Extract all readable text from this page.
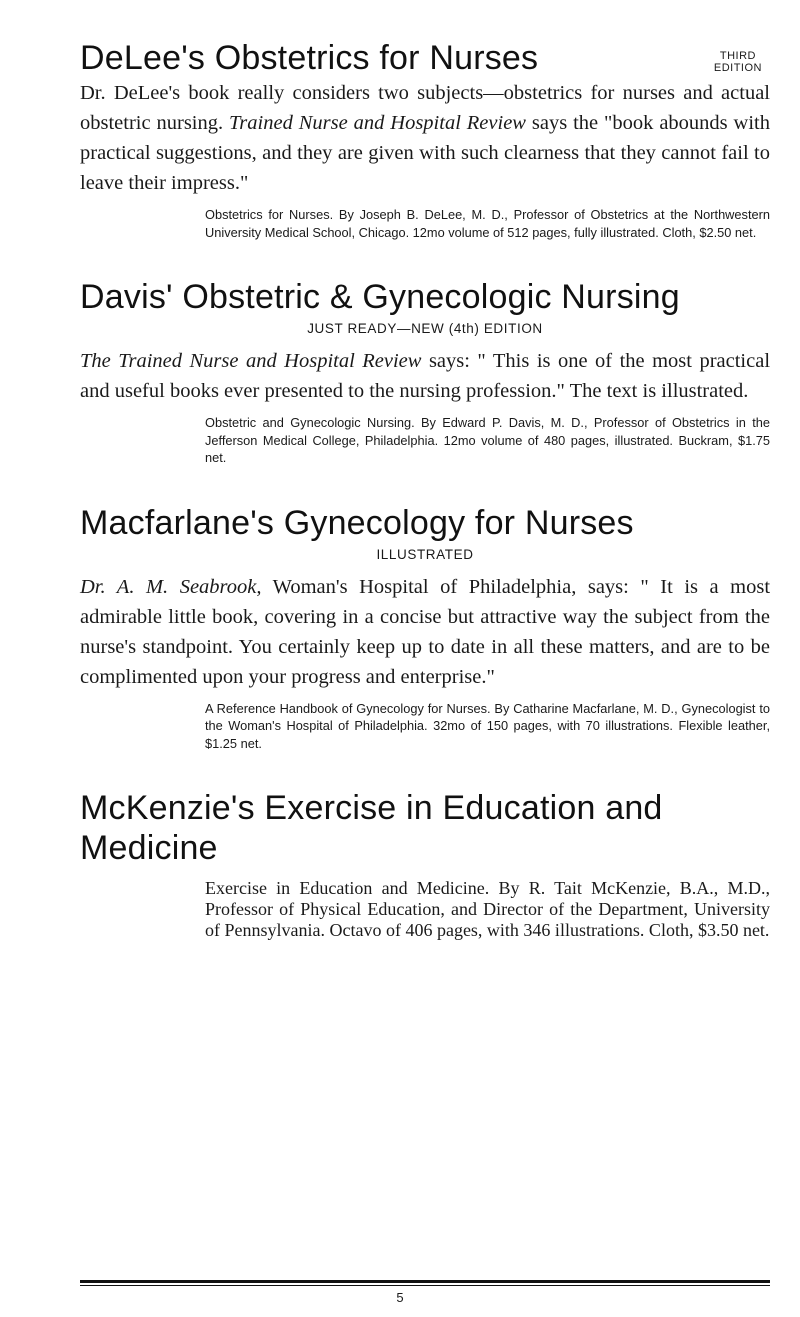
DeLee's Obstetrics for Nurses	THIRD
EDITION

Dr. DeLee's book really considers two subjects—obstetrics for nurses and actual obstetric nursing. Trained Nurse and Hospital Review says the "book abounds with practical suggestions, and they are given with such clearness that they cannot fail to leave their impress."

Obstetrics for Nurses. By Joseph B. DeLee, M. D., Professor of Obstetrics at the Northwestern University Medical School, Chicago. 12mo volume of 512 pages, fully illustrated. Cloth, $2.50 net.

Davis' Obstetric & Gynecologic Nursing
JUST READY—NEW (4th) EDITION

The Trained Nurse and Hospital Review says: " This is one of the most practical and useful books ever presented to the nursing profession." The text is illustrated.

Obstetric and Gynecologic Nursing. By Edward P. Davis, M. D., Professor of Obstetrics in the Jefferson Medical College, Philadelphia. 12mo volume of 480 pages, illustrated. Buckram, $1.75 net.

Macfarlane's Gynecology for Nurses
ILLUSTRATED

Dr. A. M. Seabrook, Woman's Hospital of Philadelphia, says: " It is a most admirable little book, covering in a concise but attractive way the subject from the nurse's standpoint. You certainly keep up to date in all these matters, and are to be complimented upon your progress and enterprise."

A Reference Handbook of Gynecology for Nurses. By Catharine Macfarlane, M. D., Gynecologist to the Woman's Hospital of Philadelphia. 32mo of 150 pages, with 70 illustrations. Flexible leather, $1.25 net.

McKenzie's Exercise in Education and Medicine

Exercise in Education and Medicine. By R. Tait McKenzie, B.A., M.D., Professor of Physical Education, and Director of the Department, University of Pennsylvania. Octavo of 406 pages, with 346 illustrations. Cloth, $3.50 net.

5
